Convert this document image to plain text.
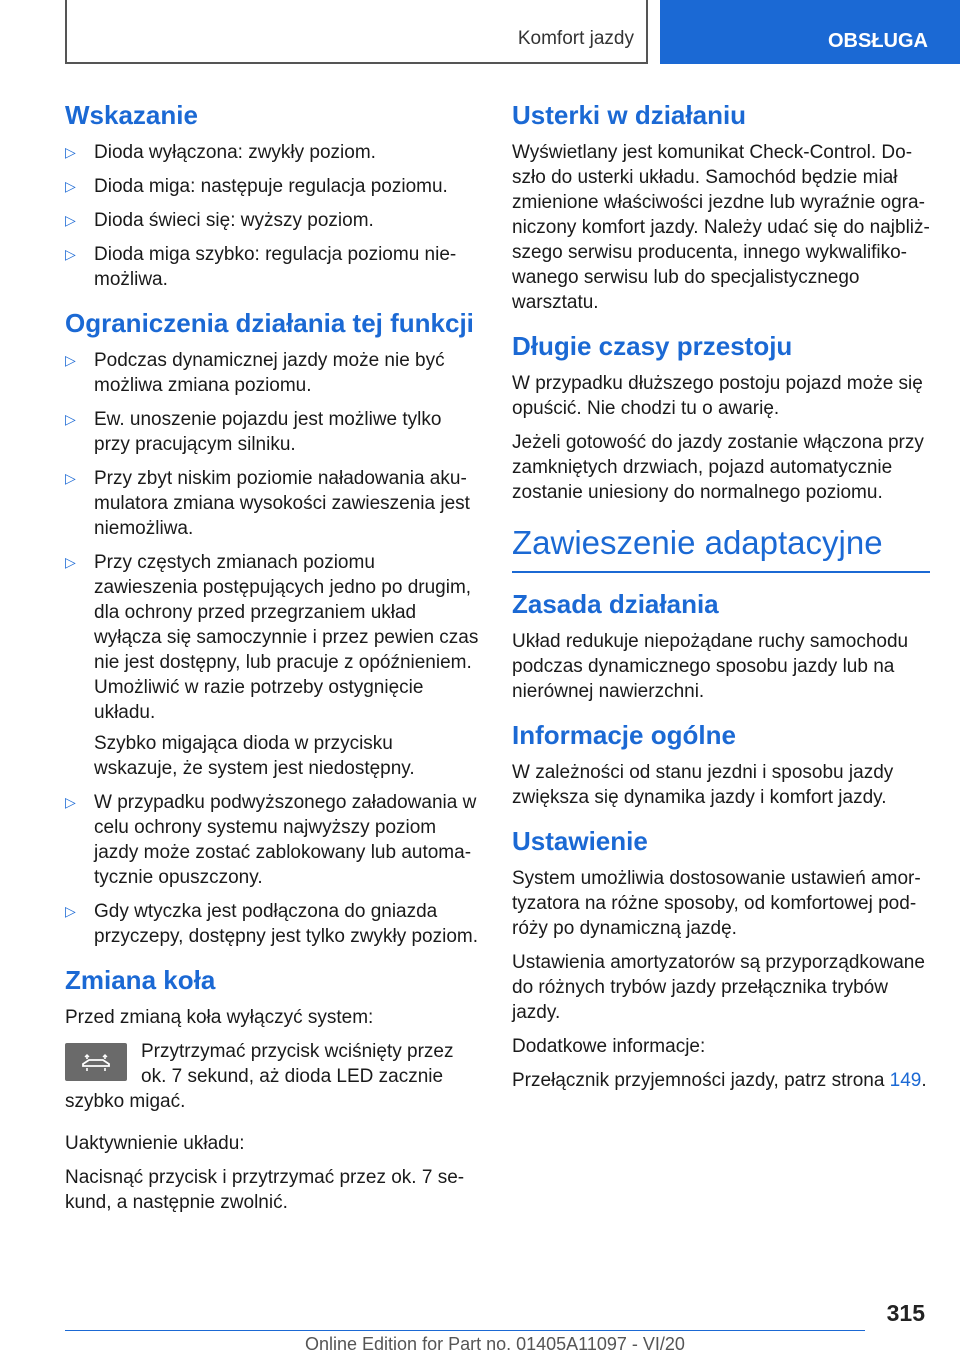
Komfort jazdy	OBSŁUGA
Wskazanie
▷ Dioda wyłączona: zwykły poziom.
▷ Dioda miga: następuje regulacja poziomu.
▷ Dioda świeci się: wyższy poziom.
▷ Dioda miga szybko: regulacja poziomu niemożliwa.
Ograniczenia działania tej funkcji
▷ Podczas dynamicznej jazdy może nie być możliwa zmiana poziomu.
▷ Ew. unoszenie pojazdu jest możliwe tylko przy pracującym silniku.
▷ Przy zbyt niskim poziomie naładowania akumulatora zmiana wysokości zawieszenia jest niemożliwa.
▷ Przy częstych zmianach poziomu zawieszenia postępujących jedno po drugim, dla ochrony przed przegrzaniem układ wyłącza się samoczynnie i przez pewien czas nie jest dostępny, lub pracuje z opóźnieniem. Umożliwić w razie potrzeby ostygnięcie układu.
Szybko migająca dioda w przycisku wskazuje, że system jest niedostępny.
▷ W przypadku podwyższonego załadowania w celu ochrony systemu najwyższy poziom jazdy może zostać zablokowany lub automatycznie opuszczony.
▷ Gdy wtyczka jest podłączona do gniazda przyczepy, dostępny jest tylko zwykły poziom.
Zmiana koła

Przed zmianą koła wyłączyć system:

Przytrzymać przycisk wciśnięty przez ok. 7 sekund, aż dioda LED zacznie szybko migać.

Uaktywnienie układu:

Nacisnąć przycisk i przytrzymać przez ok. 7 sekund, a następnie zwolnić.

Usterki w działaniu

Wyświetlany jest komunikat Check-Control. Doszło do usterki układu. Samochód będzie miał zmienione właściwości jezdne lub wyraźnie ograniczony komfort jazdy. Należy udać się do najbliższego serwisu producenta, innego wykwalifikowanego serwisu lub do specjalistycznego warsztatu.

Długie czasy przestoju

W przypadku dłuższego postoju pojazd może się opuścić. Nie chodzi tu o awarię.

Jeżeli gotowość do jazdy zostanie włączona przy zamkniętych drzwiach, pojazd automatycznie zostanie uniesiony do normalnego poziomu.

Zawieszenie adaptacyjne
Zasada działania

Układ redukuje niepożądane ruchy samochodu podczas dynamicznego sposobu jazdy lub na nierównej nawierzchni.

Informacje ogólne

W zależności od stanu jezdni i sposobu jazdy zwiększa się dynamika jazdy i komfort jazdy.

Ustawienie

System umożliwia dostosowanie ustawień amortyzatora na różne sposoby, od komfortowej podróży po dynamiczną jazdę.

Ustawienia amortyzatorów są przyporządkowane do różnych trybów jazdy przełącznika trybów jazdy.

Dodatkowe informacje:

Przełącznik przyjemności jazdy, patrz strona 149.

315
Online Edition for Part no. 01405A11097 - VI/20
